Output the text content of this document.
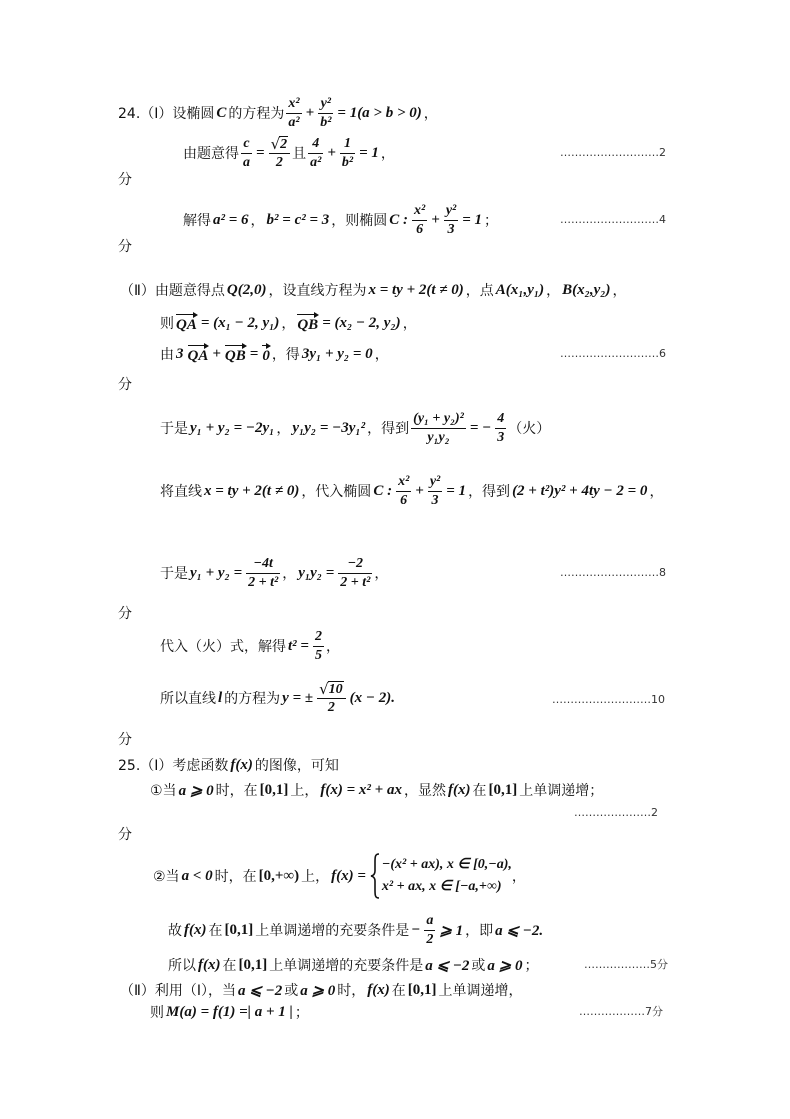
24.（Ⅰ）设椭圆 C 的方程为 $\frac{\text{x²}}{\text{a²}} + \frac{\text{y²}}{\text{b²}} = 1(a > b > 0)$ ，
由题意得 $\frac{c}{a} = \frac{√ 2}{2}$ 且 $\frac{4}{\text{a²}} + \frac{1}{\text{b²}} = 1$ ，	………………………2
分
解得 a² = 6 ， b² = c² = 3 ，则椭圆 C : $\frac{\text{x²}}{6} + \frac{\text{y²}}{3} = 1$ ；	………………………4
分
（Ⅱ）由题意得点 Q(2,0) ，设直线方程为 x = ty + 2(t ≠ 0) ，点 A(x₁,y₁) ， B(x₂,y₂) ，
则 QA = (x₁ − 2, y₁) ， QB = (x₂ − 2, y₂) ，
由 3 QA + QB = 0 ，得 3y₁ + y₂ = 0 ，	………………………6
分
于是 y₁ + y₂ = −2y₁ ， y₁y₂ = −3y₁² ，得到 $\frac{\text{(y₁ + y₂)²}}{\text{y₁y₂}}$ = − $\frac{4}{3}$ （火）
将直线 x = ty + 2(t ≠ 0) ，代入椭圆 C : $\frac{\text{x²}}{6} + \frac{\text{y²}}{3} = 1$ ，得到 (2 + t²)y² + 4ty − 2 = 0 ，
于是 $y_1 + y_2 = \frac{-4t}{\text{2 + t²}}$ ， $y_1y_2 = \frac{-2}{\text{2 + t²}}$ ，	………………………8
分
代入（火）式，解得 $t^2 = \frac{2}{5}$ ，
所以直线 l 的方程为 y = ± $\frac{√ 10}{2} (x - 2)$.	………………………10
分
25.（Ⅰ）考虑函数 f(x) 的图像，可知
①当 a ⩾ 0 时，在 [0,1] 上， f(x) = x² + ax ，显然 f(x) 在 [0,1] 上单调递增；
…………………2
分
②当 a < 0 时，在 [0,+∞) 上， f(x) =
−(x² + ax), x ∈ [0,−a),
x² + ax, x ∈ [−a,+∞)
，
故 f(x) 在 [0,1] 上单调递增的充要条件是 − $\frac{a}{2}$ ⩾ 1 ，即 a ⩽ −2.
所以 f(x) 在 [0,1] 上单调递增的充要条件是 a ⩽ −2 或 a ⩾ 0 ；	………………5分
（Ⅱ）利用（Ⅰ），当 a ⩽ −2 或 a ⩾ 0 时， f(x) 在 [0,1] 上单调递增，
则 M(a) = f(1) =| a + 1 | ；	………………7分
